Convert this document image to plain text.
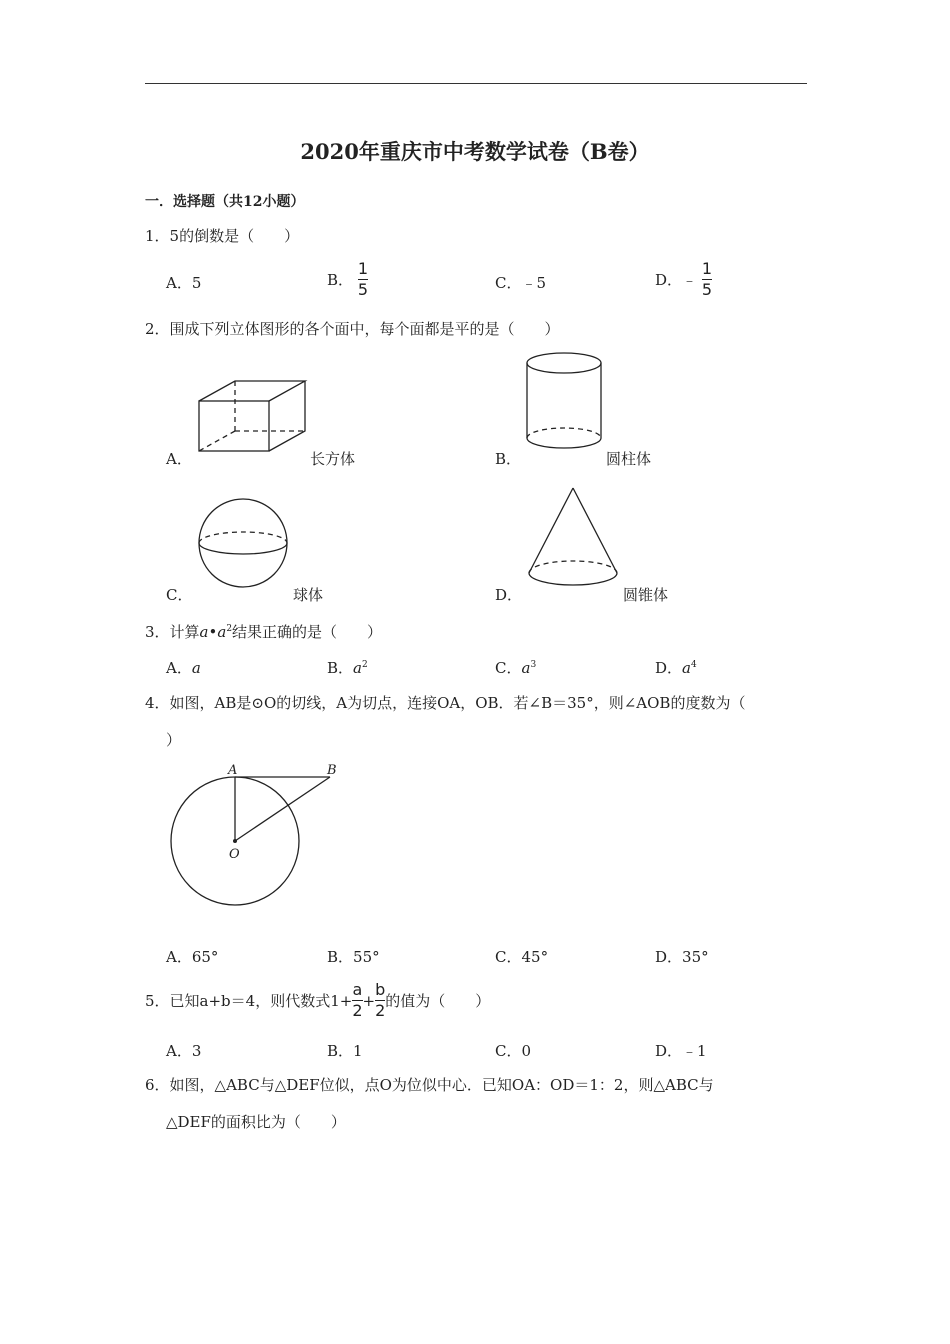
2020年重庆市中考数学试卷（B卷）
一．选择题（共12小题）
1．5的倒数是（　　）
A．5	B． $\frac{1}{5}$	C．﹣5	D．﹣ $\frac{1}{5}$
2．围成下列立体图形的各个面中，每个面都是平的是（　　）
A．	长方体	B．	圆柱体
C．	球体	D．	圆锥体
3．计算$a•a^2$结果正确的是（　　）
A．a	B．$a^2$	C．$a^3$	D．$a^4$
4．如图，AB是⊙O的切线，A为切点，连接OA，OB．若∠B＝35°，则∠AOB的度数为（
）
A	B
O
A．65°	B．55°	C．45°	D．35°
5．已知a+b＝4，则代数式$1+ \frac{a}{2} + \frac{b}{2}$ 的值为（　　）
A．3	B．1	C．0	D．﹣1
6．如图，△ABC与△DEF位似，点O为位似中心．已知OA：OD＝1：2，则△ABC与
△DEF的面积比为（　　）
